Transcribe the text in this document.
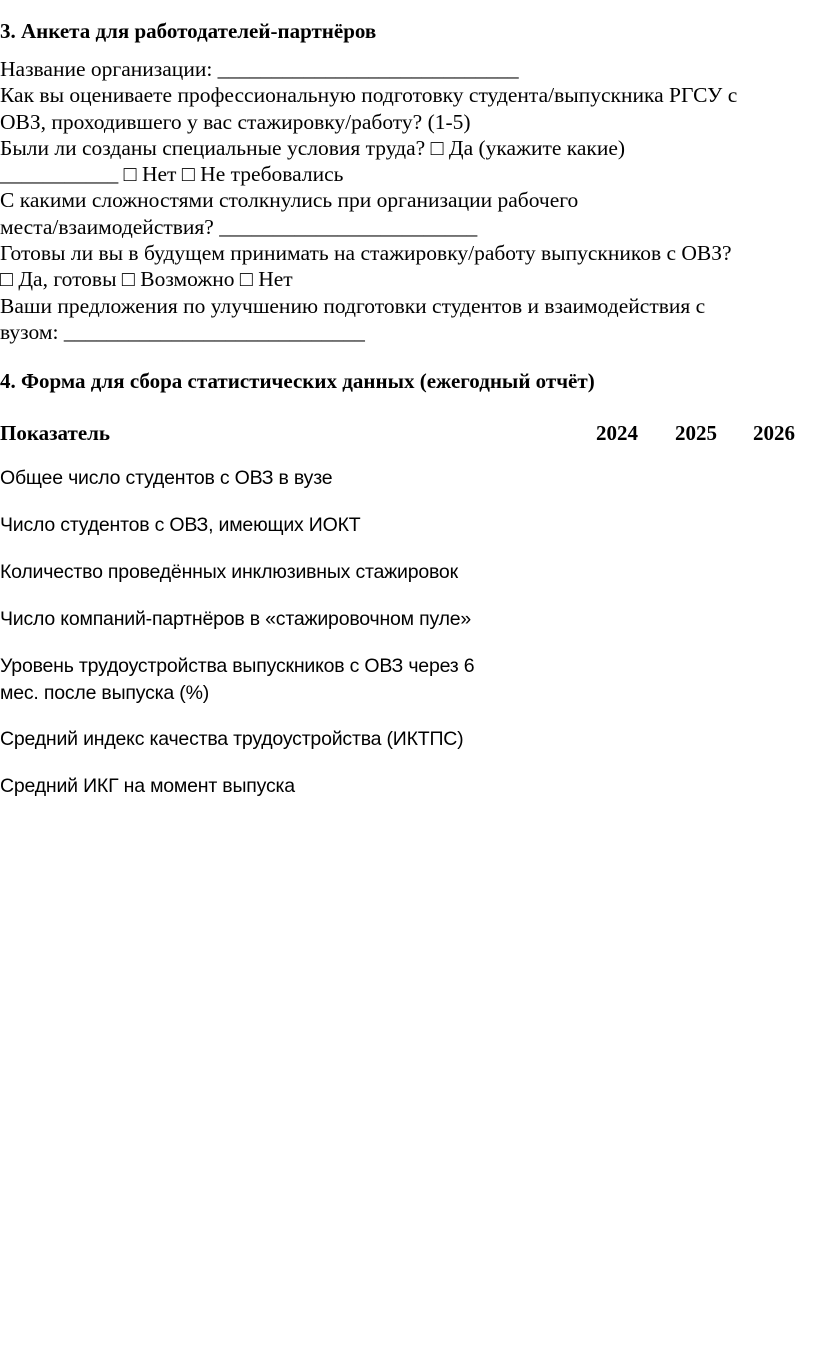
3. Анкета для работодателей-партнёров
Название организации: ____________________________
Как вы оцениваете профессиональную подготовку студента/выпускника РГСУ с
ОВЗ, проходившего у вас стажировку/работу? (1-5)
Были ли созданы специальные условия труда? □ Да (укажите какие)
___________ □ Нет □ Не требовались
С какими сложностями столкнулись при организации рабочего
места/взаимодействия? ________________________
Готовы ли вы в будущем принимать на стажировку/работу выпускников с ОВЗ?
□ Да, готовы □ Возможно □ Нет
Ваши предложения по улучшению подготовки студентов и взаимодействия с
вузом: ____________________________
4. Форма для сбора статистических данных (ежегодный отчёт)
Показатель	2024 2025 2026
Общее число студентов с ОВЗ в вузе
Число студентов с ОВЗ, имеющих ИОКТ
Количество проведённых инклюзивных стажировок
Число компаний-партнёров в «стажировочном пуле»
Уровень трудоустройства выпускников с ОВЗ через 6
мес. после выпуска (%)
Средний индекс качества трудоустройства (ИКТПС)
Средний ИКГ на момент выпуска
